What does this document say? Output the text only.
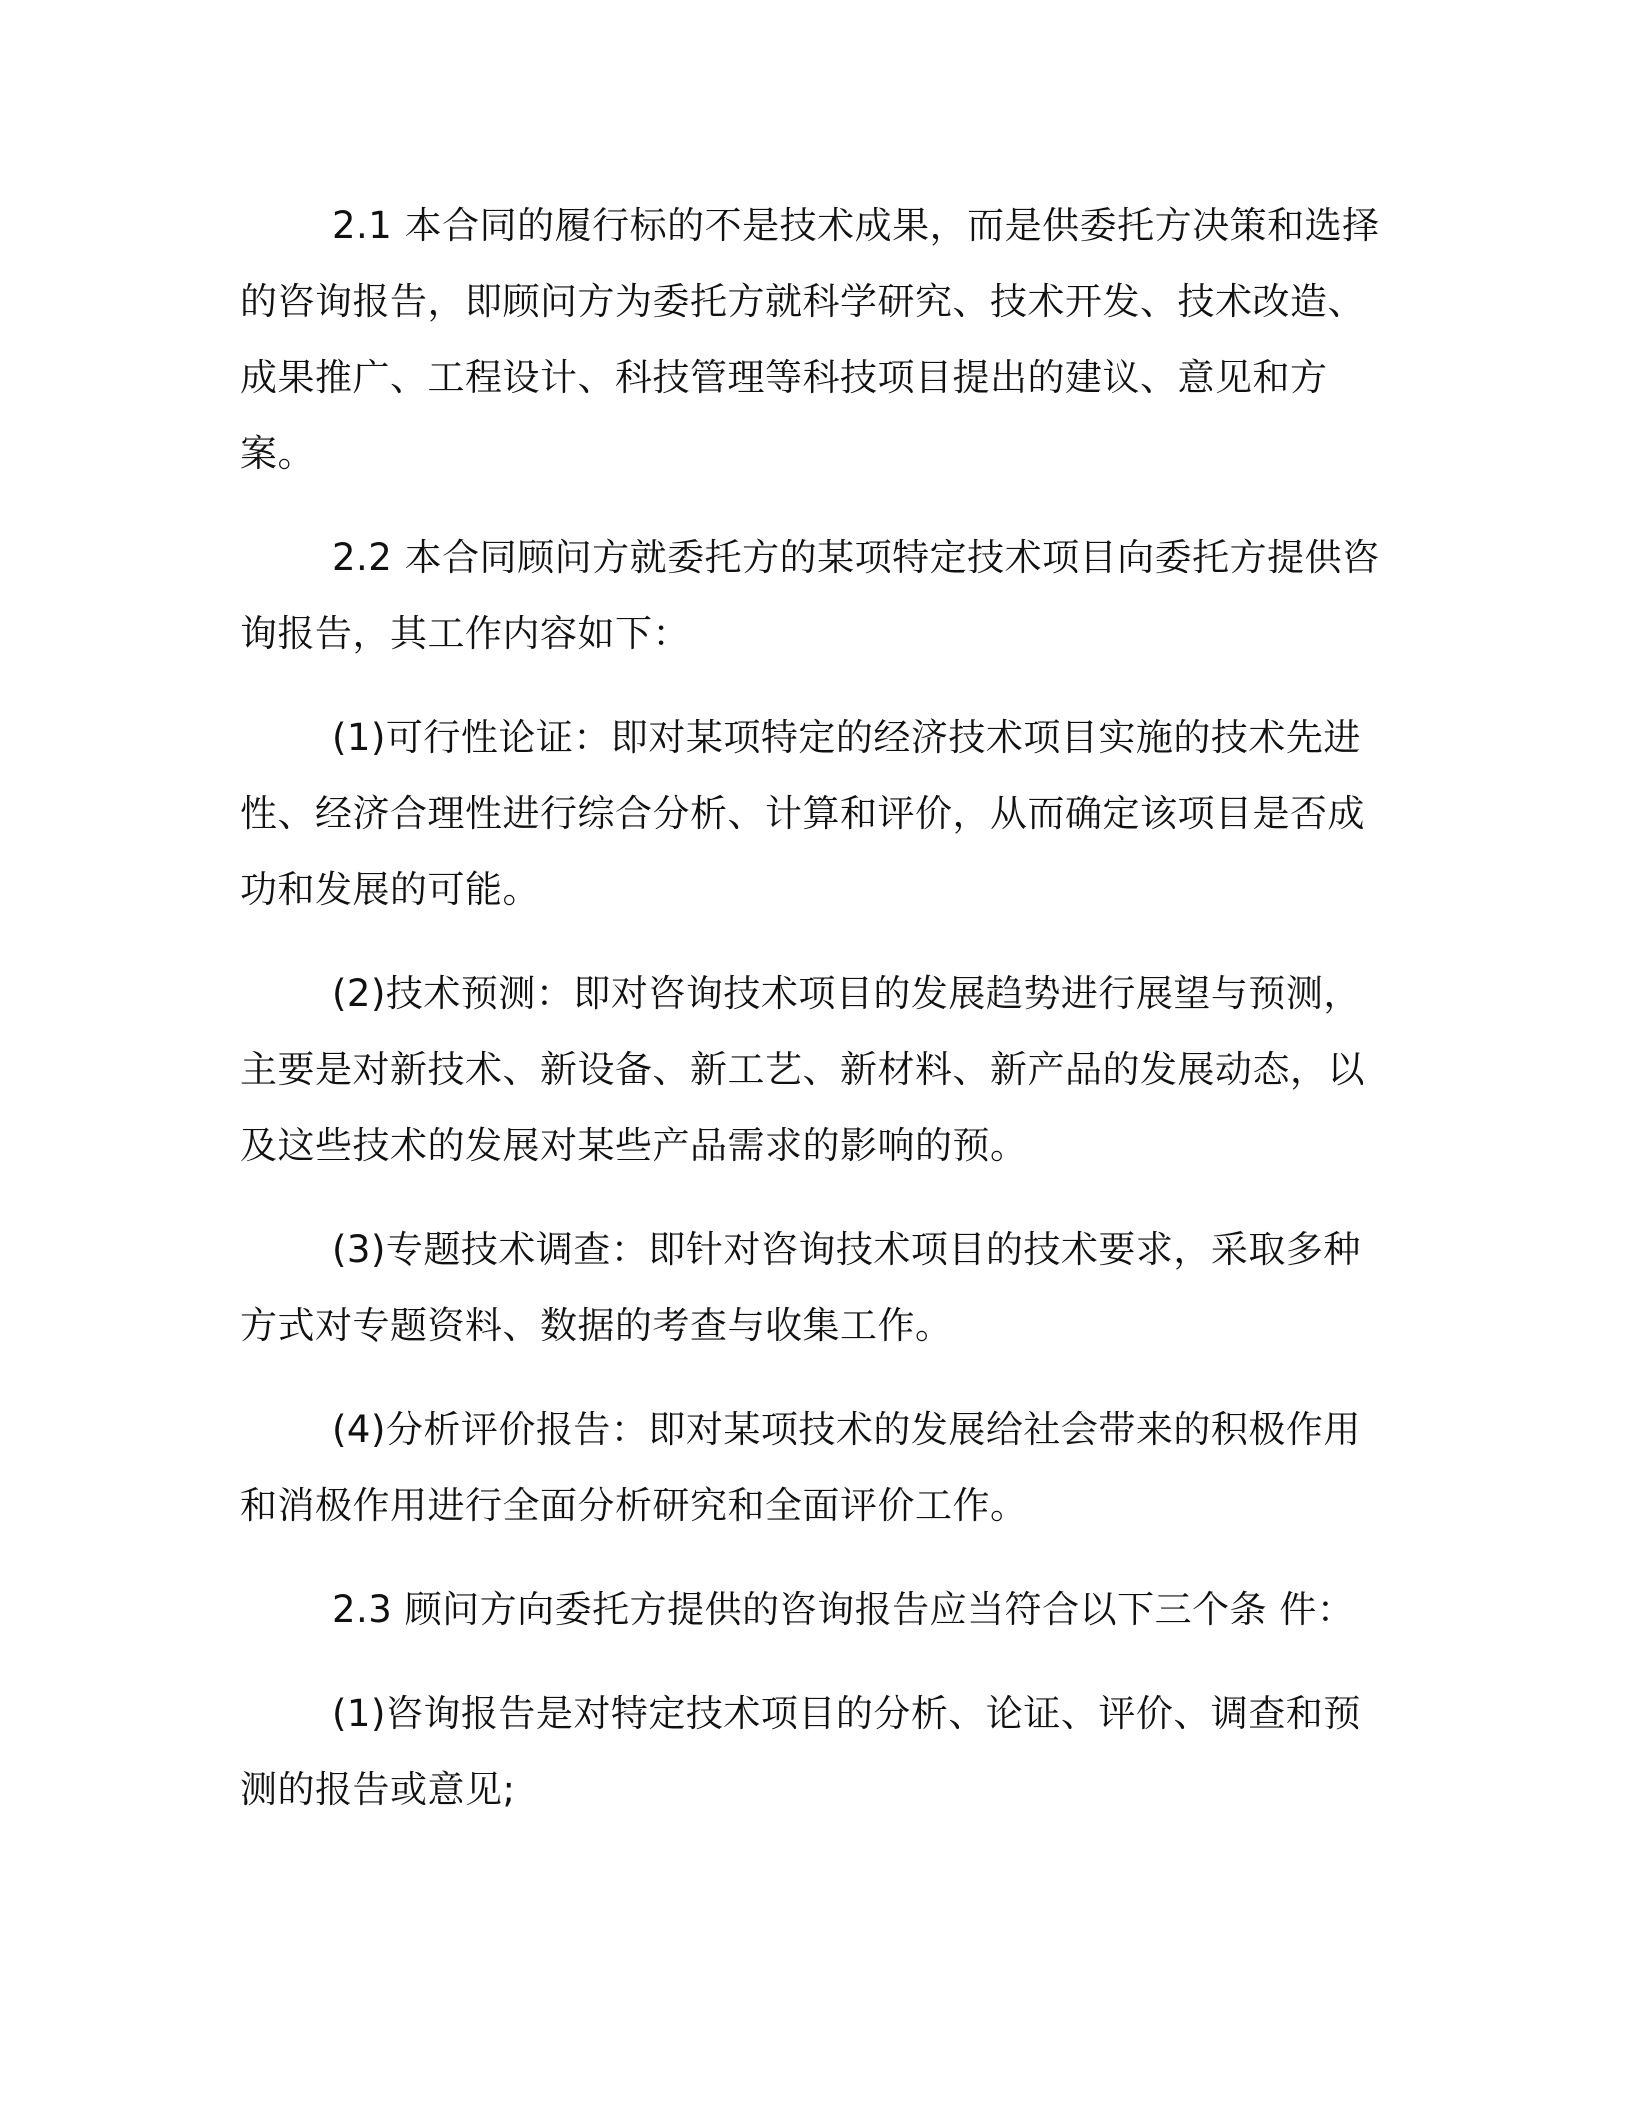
2.1 本合同的履行标的不是技术成果，而是供委托方决策和选择的咨询报告，即顾问方为委托方就科学研究、技术开发、技术改造、成果推广、工程设计、科技管理等科技项目提出的建议、意见和方案。

2.2 本合同顾问方就委托方的某项特定技术项目向委托方提供咨询报告，其工作内容如下：

(1)可行性论证：即对某项特定的经济技术项目实施的技术先进性、经济合理性进行综合分析、计算和评价，从而确定该项目是否成功和发展的可能。

(2)技术预测：即对咨询技术项目的发展趋势进行展望与预测，主要是对新技术、新设备、新工艺、新材料、新产品的发展动态，以及这些技术的发展对某些产品需求的影响的预。

(3)专题技术调查：即针对咨询技术项目的技术要求，采取多种方式对专题资料、数据的考查与收集工作。

(4)分析评价报告：即对某项技术的发展给社会带来的积极作用和消极作用进行全面分析研究和全面评价工作。

2.3 顾问方向委托方提供的咨询报告应当符合以下三个条 件：

(1)咨询报告是对特定技术项目的分析、论证、评价、调查和预测的报告或意见;
